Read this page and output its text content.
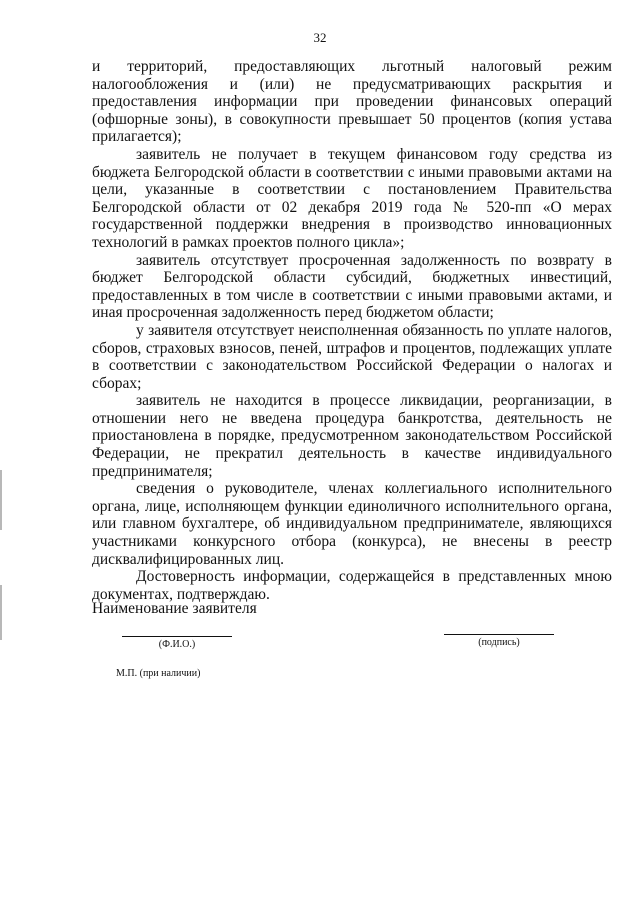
32

и территорий, предоставляющих льготный налоговый режим налогообложения и (или) не предусматривающих раскрытия и предоставления информации при проведении финансовых операций (офшорные зоны), в совокупности превышает 50 процентов (копия устава прилагается);

заявитель не получает в текущем финансовом году средства из бюджета Белгородской области в соответствии с иными правовыми актами на цели, указанные в соответствии с постановлением Правительства Белгородской области от 02 декабря 2019 года № 520-пп «О мерах государственной поддержки внедрения в производство инновационных технологий в рамках проектов полного цикла»;

заявитель отсутствует просроченная задолженность по возврату в бюджет Белгородской области субсидий, бюджетных инвестиций, предоставленных в том числе в соответствии с иными правовыми актами, и иная просроченная задолженность перед бюджетом области;

у заявителя отсутствует неисполненная обязанность по уплате налогов, сборов, страховых взносов, пеней, штрафов и процентов, подлежащих уплате в соответствии с законодательством Российской Федерации о налогах и сборах;

заявитель не находится в процессе ликвидации, реорганизации, в отношении него не введена процедура банкротства, деятельность не приостановлена в порядке, предусмотренном законодательством Российской Федерации, не прекратил деятельность в качестве индивидуального предпринимателя;

сведения о руководителе, членах коллегиального исполнительного органа, лице, исполняющем функции единоличного исполнительного органа, или главном бухгалтере, об индивидуальном предпринимателе, являющихся участниками конкурсного отбора (конкурса), не внесены в реестр дисквалифицированных лиц.

Достоверность информации, содержащейся в представленных мною документах, подтверждаю.

Наименование заявителя
(Ф.И.О.)	(подпись)
М.П. (при наличии)
